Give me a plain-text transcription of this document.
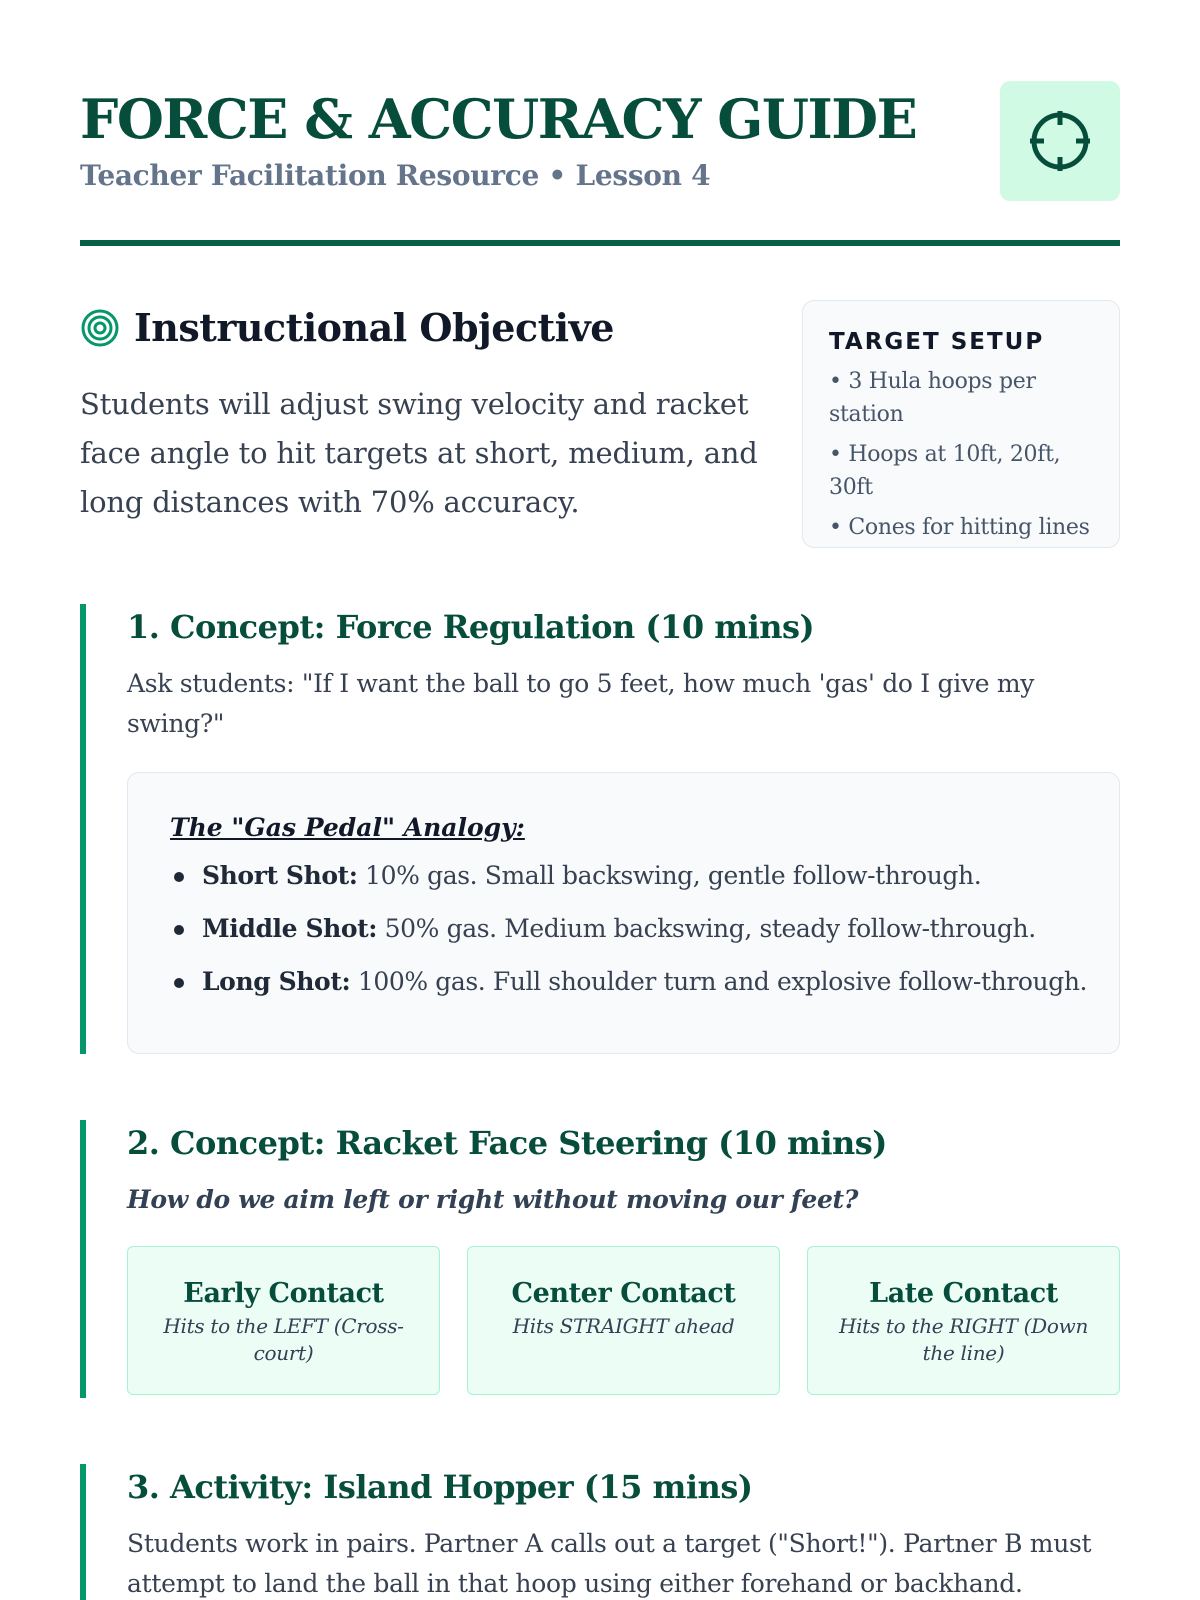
FORCE & ACCURACY GUIDE
Teacher Facilitation Resource • Lesson 4
Instructional Objective

Students will adjust swing velocity and racket face angle to hit targets at short, medium, and long distances with 70% accuracy.

TARGET SETUP
• 3 Hula hoops per station
• Hoops at 10ft, 20ft, 30ft
• Cones for hitting lines
1. Concept: Force Regulation (10 mins)

Ask students: "If I want the ball to go 5 feet, how much 'gas' do I give my swing?"

The "Gas Pedal" Analogy:
Short Shot: 10% gas. Small backswing, gentle follow-through.
Middle Shot: 50% gas. Medium backswing, steady follow-through.
Long Shot: 100% gas. Full shoulder turn and explosive follow-through.
2. Concept: Racket Face Steering (10 mins)

How do we aim left or right without moving our feet?

Early Contact
Hits to the LEFT (Cross-court)
Center Contact
Hits STRAIGHT ahead
Late Contact
Hits to the RIGHT (Down the line)
3. Activity: Island Hopper (15 mins)

Students work in pairs. Partner A calls out a target ("Short!"). Partner B must attempt to land the ball in that hoop using either forehand or backhand.
